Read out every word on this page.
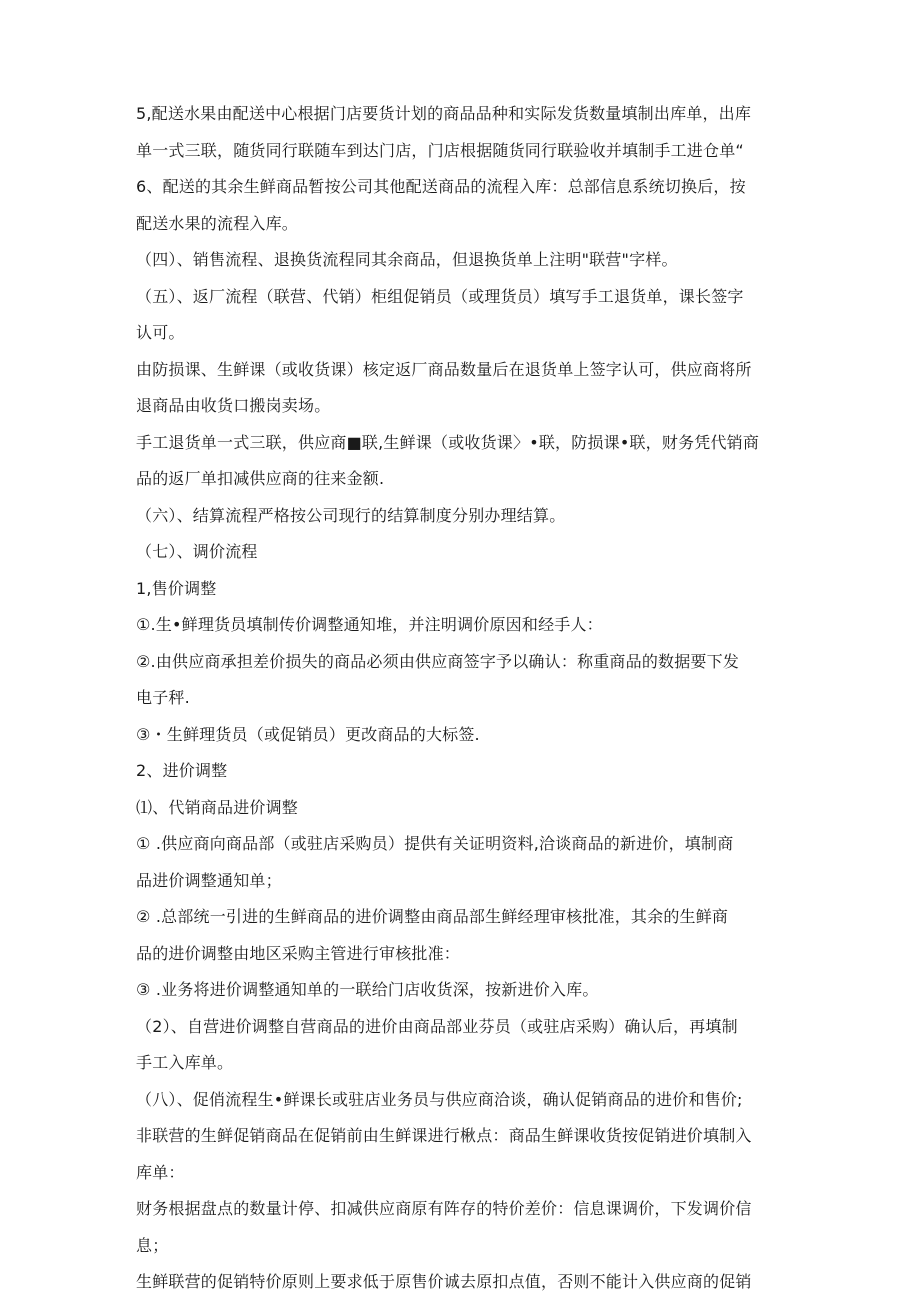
5,配送水果由配送中心根据门店要货计划的商品品种和实际发货数量填制出库单，出库
单一式三联，随货同行联随车到达门店，门店根据随货同行联验收并填制手工进仓单“
6、配送的其余生鲜商品暂按公司其他配送商品的流程入库：总部信息系统切换后，按
配送水果的流程入库。
（四）、销售流程、退换货流程同其余商品，但退换货单上注明"联营"字样。
（五）、返厂流程（联营、代销）柜组促销员（或理货员）填写手工退货单，课长签字
认可。
由防损课、生鲜课（或收货课）核定返厂商品数量后在退货单上签字认可，供应商将所
退商品由收货口搬岗卖场。
手工退货单一式三联，供应商■联,生鲜课（或收货课〉•联，防损课•联，财务凭代销商
品的返厂单扣减供应商的往来金额.
（六）、结算流程严格按公司现行的结算制度分别办理结算。
（七）、调价流程
1,售价调整
①.生•鲜理货员填制传价调整通知堆，并注明调价原因和经手人：
②.由供应商承担差价损失的商品必须由供应商签字予以确认：称重商品的数据要下发
电子秤.
③・生鲜理货员（或促销员）更改商品的大标签.
2、进价调整
⑴、代销商品进价调整
① .供应商向商品部（或驻店采购员）提供有关证明资料,洽谈商品的新进价，填制商
品进价调整通知单；
② .总部统一引进的生鲜商品的进价调整由商品部生鲜经理审核批准，其余的生鲜商
品的进价调整由地区采购主管进行审核批准：
③ .业务将进价调整通知单的一联给门店收货深，按新进价入库。
（2）、自营进价调整自营商品的进价由商品部业芬员（或驻店采购）确认后，再填制
手工入库单。
（八）、促俏流程生•鲜课长或驻店业务员与供应商洽谈，确认促销商品的进价和售价;
非联营的生鲜促销商品在促销前由生鲜课进行楸点：商品生鲜课收货按促销进价填制入
库单：
财务根据盘点的数量计停、扣减供应商原有阵存的特价差价：信息课调价，下发调价信
息；
生鲜联营的促销特价原则上要求低于原售价诚去原扣点值，否则不能计入供应商的促销
